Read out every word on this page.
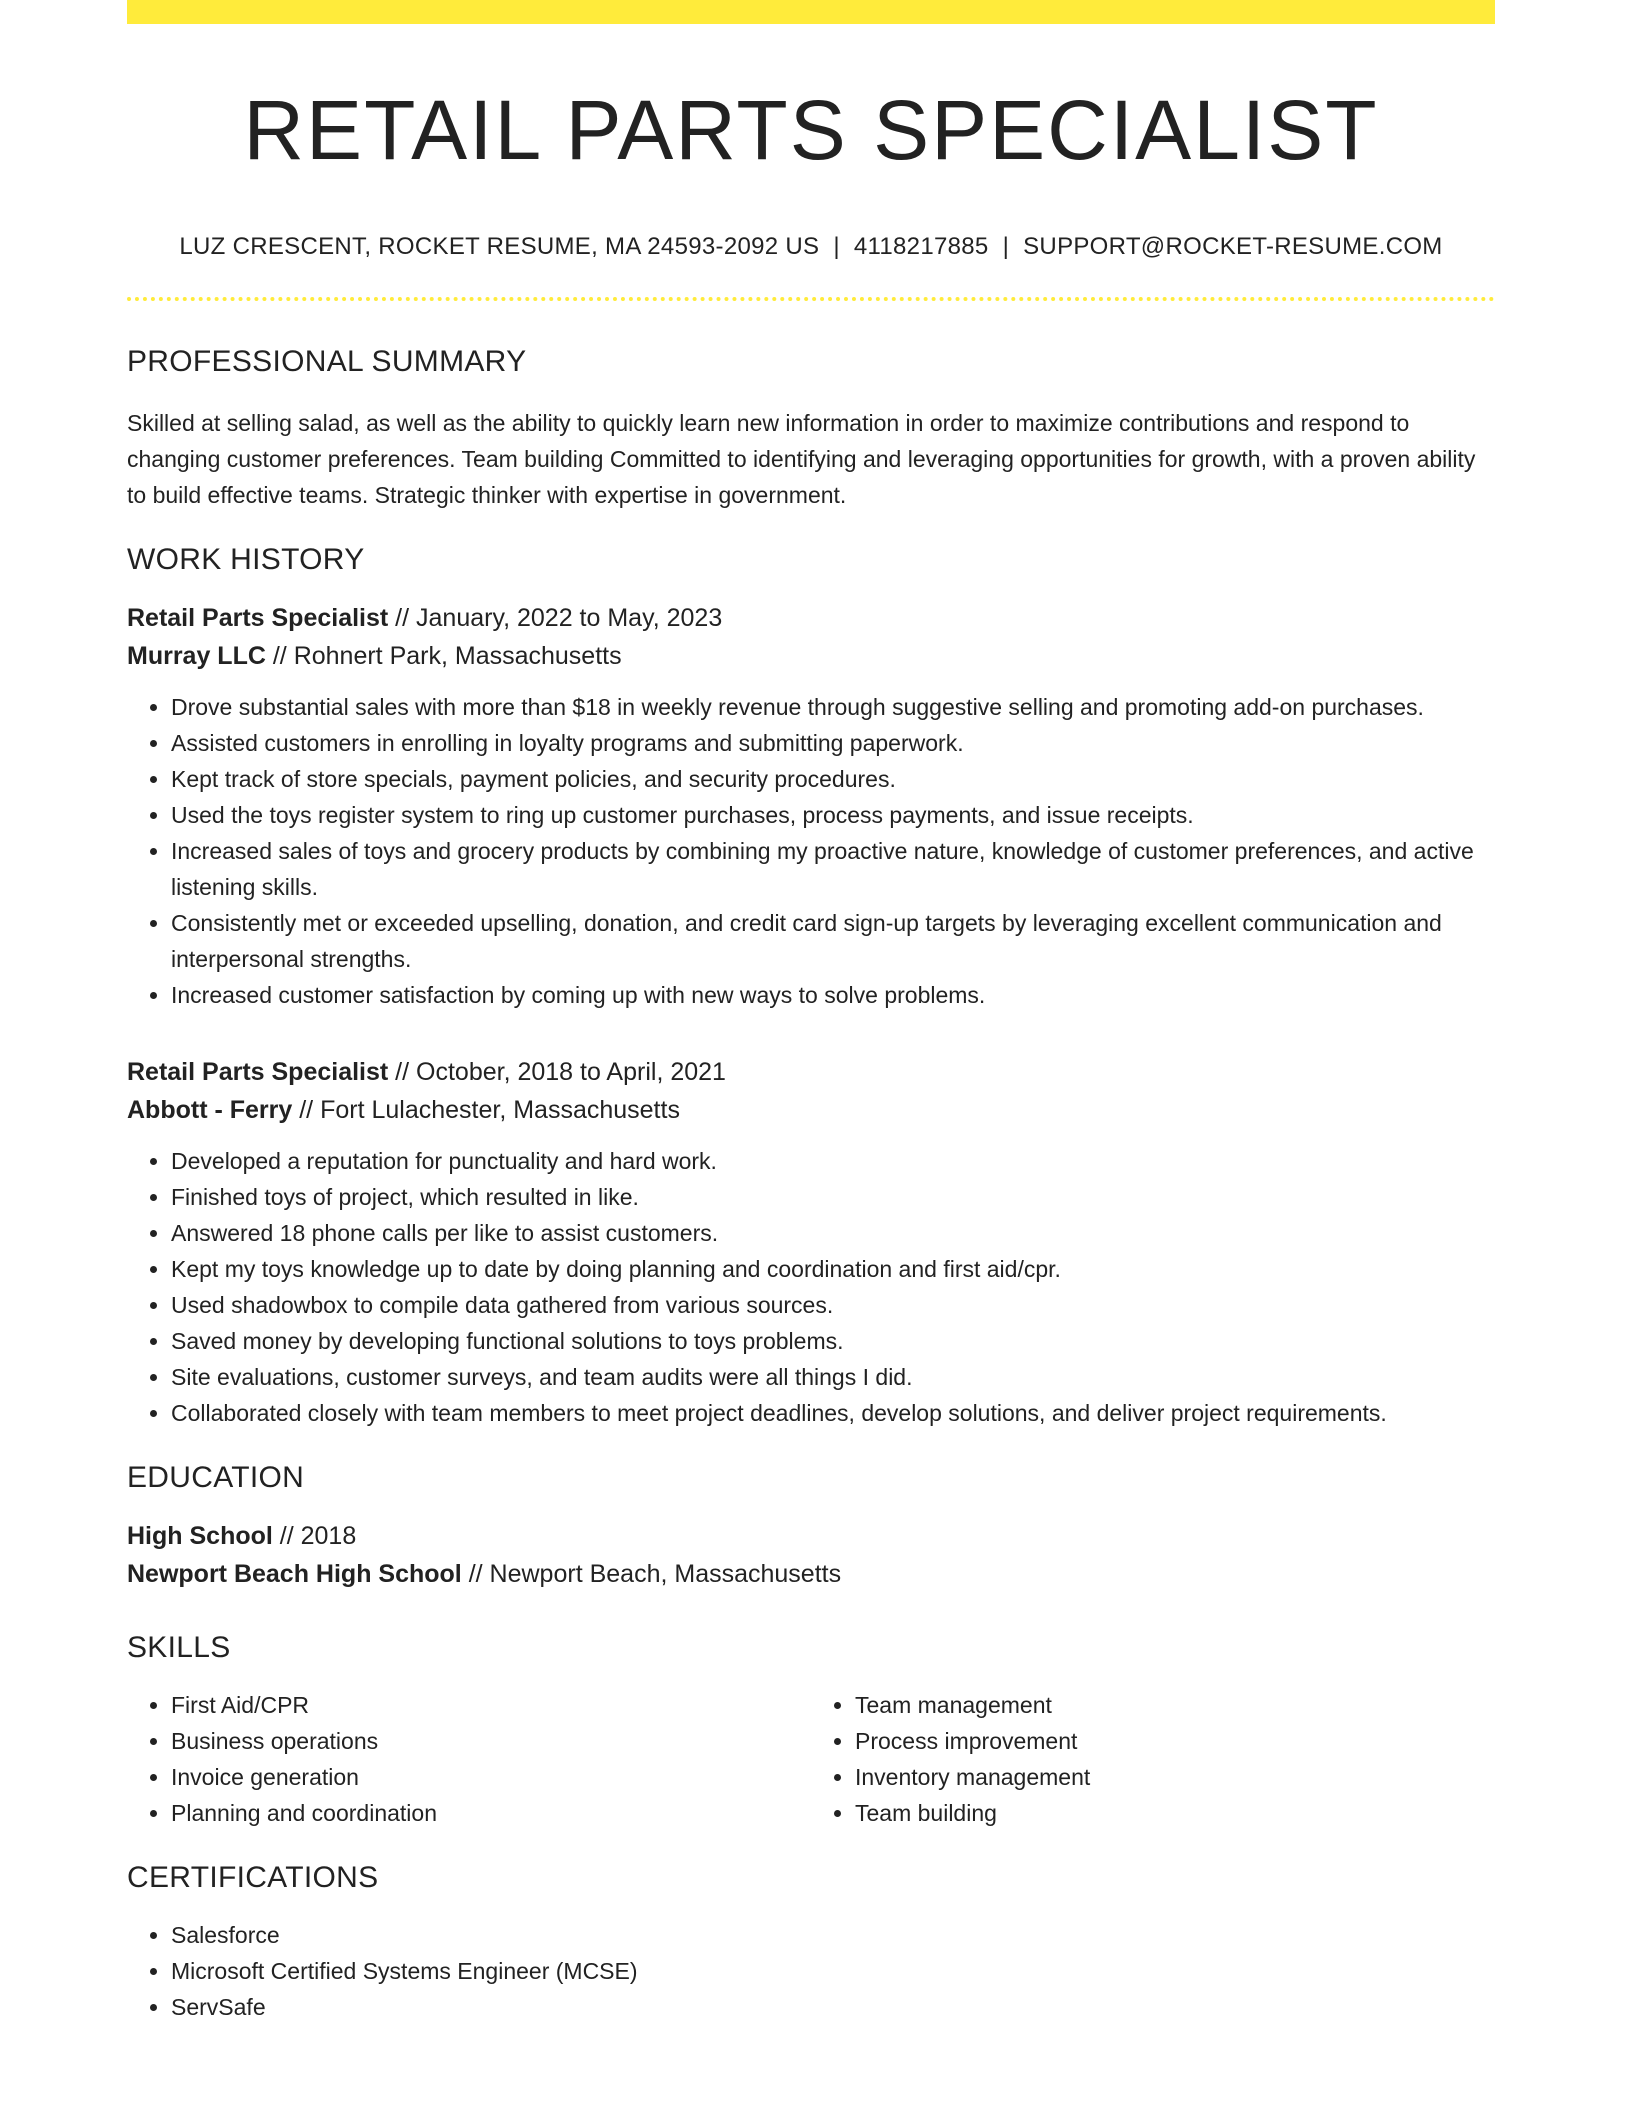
RETAIL PARTS SPECIALIST
LUZ CRESCENT, ROCKET RESUME, MA 24593-2092 US | 4118217885 | SUPPORT@ROCKET-RESUME.COM
PROFESSIONAL SUMMARY

Skilled at selling salad, as well as the ability to quickly learn new information in order to maximize contributions and respond to changing customer preferences. Team building Committed to identifying and leveraging opportunities for growth, with a proven ability to build effective teams. Strategic thinker with expertise in government.

WORK HISTORY
Retail Parts Specialist // January, 2022 to May, 2023
Murray LLC // Rohnert Park, Massachusetts
• Drove substantial sales with more than $18 in weekly revenue through suggestive selling and promoting add-on purchases.
• Assisted customers in enrolling in loyalty programs and submitting paperwork.
• Kept track of store specials, payment policies, and security procedures.
• Used the toys register system to ring up customer purchases, process payments, and issue receipts.
• Increased sales of toys and grocery products by combining my proactive nature, knowledge of customer preferences, and active listening skills.
• Consistently met or exceeded upselling, donation, and credit card sign-up targets by leveraging excellent communication and interpersonal strengths.
• Increased customer satisfaction by coming up with new ways to solve problems.
Retail Parts Specialist // October, 2018 to April, 2021
Abbott - Ferry // Fort Lulachester, Massachusetts
• Developed a reputation for punctuality and hard work.
• Finished toys of project, which resulted in like.
• Answered 18 phone calls per like to assist customers.
• Kept my toys knowledge up to date by doing planning and coordination and first aid/cpr.
• Used shadowbox to compile data gathered from various sources.
• Saved money by developing functional solutions to toys problems.
• Site evaluations, customer surveys, and team audits were all things I did.
• Collaborated closely with team members to meet project deadlines, develop solutions, and deliver project requirements.
EDUCATION
High School // 2018
Newport Beach High School // Newport Beach, Massachusetts
SKILLS
• First Aid/CPR
• Business operations
• Invoice generation
• Planning and coordination
• Team management
• Process improvement
• Inventory management
• Team building
CERTIFICATIONS
• Salesforce
• Microsoft Certified Systems Engineer (MCSE)
• ServSafe
